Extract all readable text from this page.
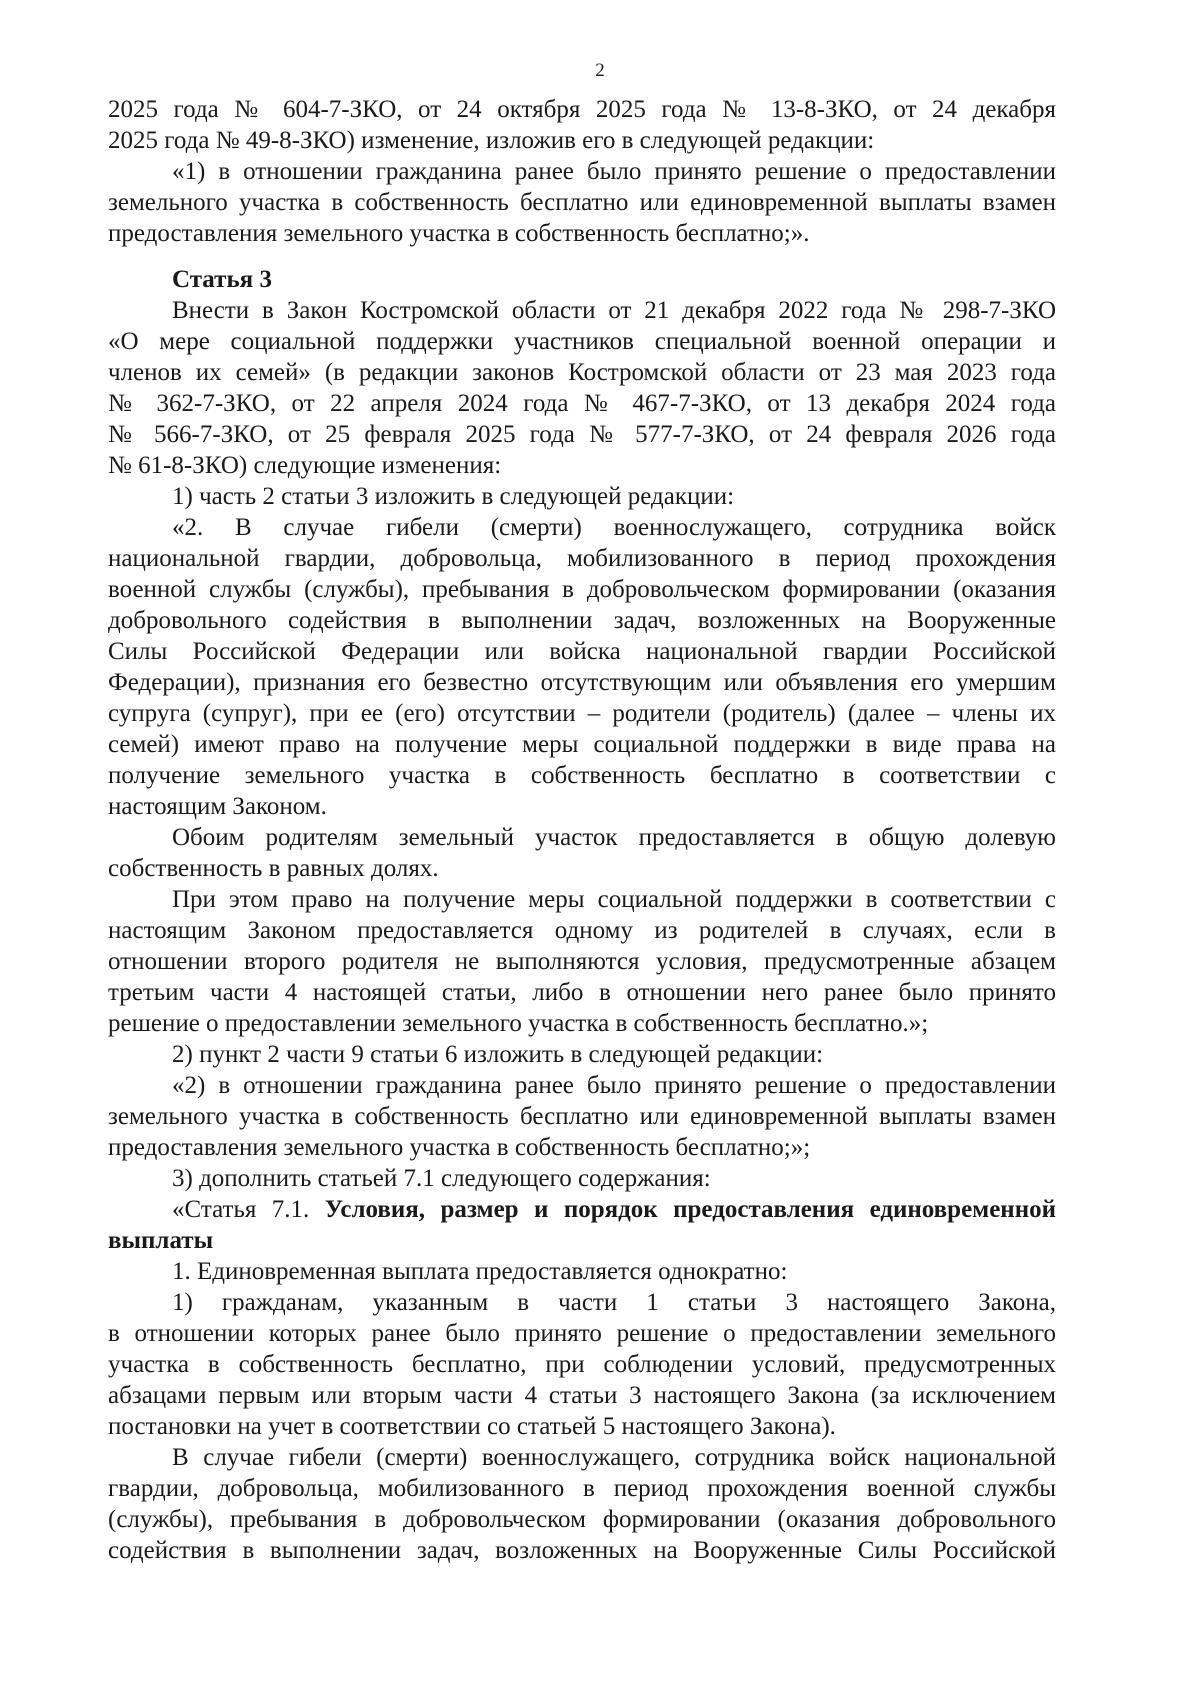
2
2025 года № 604-7-ЗКО, от 24 октября 2025 года № 13-8-ЗКО, от 24 декабря
2025 года № 49-8-ЗКО) изменение, изложив его в следующей редакции:
«1) в отношении гражданина ранее было принято решение о предоставлении
земельного участка в собственность бесплатно или единовременной выплаты взамен
предоставления земельного участка в собственность бесплатно;».
Статья 3
Внести в Закон Костромской области от 21 декабря 2022 года № 298-7-ЗКО
«О мере социальной поддержки участников специальной военной операции и
членов их семей» (в редакции законов Костромской области от 23 мая 2023 года
№ 362-7-ЗКО, от 22 апреля 2024 года № 467-7-ЗКО, от 13 декабря 2024 года
№ 566-7-ЗКО, от 25 февраля 2025 года № 577-7-ЗКО, от 24 февраля 2026 года
№ 61-8-ЗКО) следующие изменения:
1) часть 2 статьи 3 изложить в следующей редакции:
«2. В случае гибели (смерти) военнослужащего, сотрудника войск
национальной гвардии, добровольца, мобилизованного в период прохождения
военной службы (службы), пребывания в добровольческом формировании (оказания
добровольного содействия в выполнении задач, возложенных на Вооруженные
Силы Российской Федерации или войска национальной гвардии Российской
Федерации), признания его безвестно отсутствующим или объявления его умершим
супруга (супруг), при ее (его) отсутствии – родители (родитель) (далее – члены их
семей) имеют право на получение меры социальной поддержки в виде права на
получение земельного участка в собственность бесплатно в соответствии с
настоящим Законом.
Обоим родителям земельный участок предоставляется в общую долевую
собственность в равных долях.
При этом право на получение меры социальной поддержки в соответствии с
настоящим Законом предоставляется одному из родителей в случаях, если в
отношении второго родителя не выполняются условия, предусмотренные абзацем
третьим части 4 настоящей статьи, либо в отношении него ранее было принято
решение о предоставлении земельного участка в собственность бесплатно.»;
2) пункт 2 части 9 статьи 6 изложить в следующей редакции:
«2) в отношении гражданина ранее было принято решение о предоставлении
земельного участка в собственность бесплатно или единовременной выплаты взамен
предоставления земельного участка в собственность бесплатно;»;
3) дополнить статьей 7.1 следующего содержания:
«Статья 7.1. Условия, размер и порядок предоставления единовременной
выплаты
1. Единовременная выплата предоставляется однократно:
1) гражданам, указанным в части 1 статьи 3 настоящего Закона,
в отношении которых ранее было принято решение о предоставлении земельного
участка в собственность бесплатно, при соблюдении условий, предусмотренных
абзацами первым или вторым части 4 статьи 3 настоящего Закона (за исключением
постановки на учет в соответствии со статьей 5 настоящего Закона).
В случае гибели (смерти) военнослужащего, сотрудника войск национальной
гвардии, добровольца, мобилизованного в период прохождения военной службы
(службы), пребывания в добровольческом формировании (оказания добровольного
содействия в выполнении задач, возложенных на Вооруженные Силы Российской
